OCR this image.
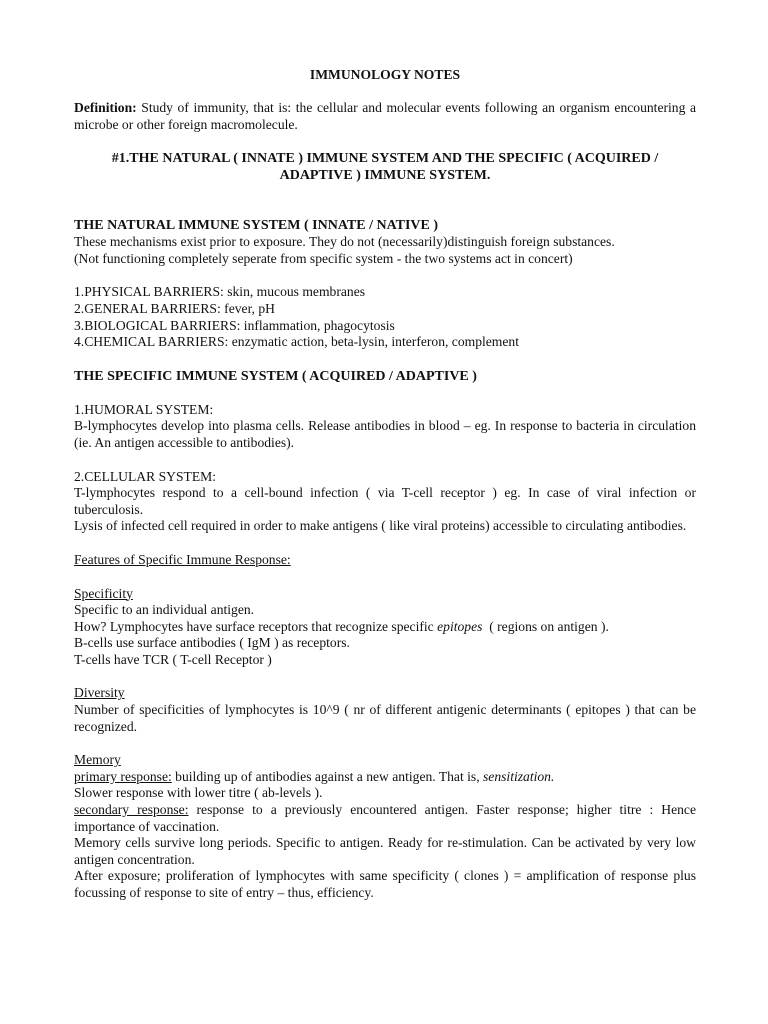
IMMUNOLOGY NOTES

Definition: Study of immunity, that is: the cellular and molecular events following an organism encountering a microbe or other foreign macromolecule.

#1.THE NATURAL ( INNATE ) IMMUNE SYSTEM AND THE SPECIFIC ( ACQUIRED / ADAPTIVE ) IMMUNE SYSTEM.

THE NATURAL IMMUNE SYSTEM ( INNATE / NATIVE )

These mechanisms exist prior to exposure. They do not (necessarily)distinguish foreign substances.

(Not functioning completely seperate from specific system - the two systems act in concert)

1.PHYSICAL BARRIERS: skin, mucous membranes

2.GENERAL BARRIERS: fever, pH

3.BIOLOGICAL BARRIERS: inflammation, phagocytosis

4.CHEMICAL BARRIERS: enzymatic action, beta-lysin, interferon, complement

THE SPECIFIC IMMUNE SYSTEM ( ACQUIRED / ADAPTIVE )

1.HUMORAL SYSTEM:

B-lymphocytes develop into plasma cells. Release antibodies in blood – eg. In response to bacteria in circulation (ie. An antigen accessible to antibodies).

2.CELLULAR SYSTEM:

T-lymphocytes respond to a cell-bound infection ( via T-cell receptor ) eg. In case of viral infection or tuberculosis.

Lysis of infected cell required in order to make antigens ( like viral proteins) accessible to circulating antibodies.

Features of Specific Immune Response:

Specificity

Specific to an individual antigen.

How? Lymphocytes have surface receptors that recognize specific epitopes  ( regions on antigen ).

B-cells use surface antibodies ( IgM ) as receptors.

T-cells have TCR ( T-cell Receptor )

Diversity

Number of specificities of lymphocytes is 10^9 ( nr of different antigenic determinants ( epitopes ) that can be recognized.

Memory

primary response: building up of antibodies against a new antigen. That is, sensitization.

Slower response with lower titre ( ab-levels ).

secondary response: response to a previously encountered antigen. Faster response; higher titre : Hence importance of vaccination.

Memory cells survive long periods. Specific to antigen. Ready for re-stimulation. Can be activated by very low antigen concentration.

After exposure; proliferation of lymphocytes with same specificity ( clones ) = amplification of response plus focussing of response to site of entry – thus, efficiency.
